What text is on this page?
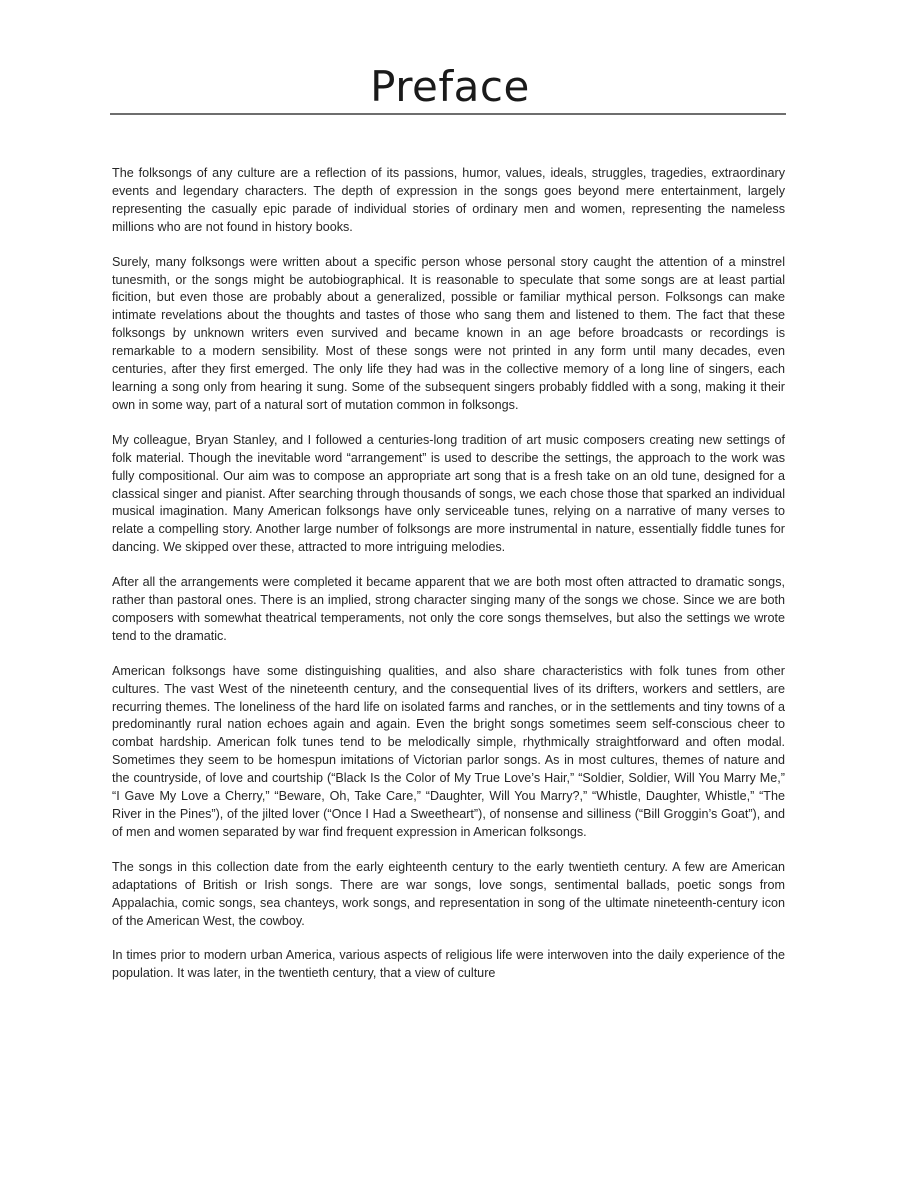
Preface

The folksongs of any culture are a reflection of its passions, humor, values, ideals, struggles, tragedies, extraordinary events and legendary characters. The depth of expression in the songs goes beyond mere entertainment, largely representing the casually epic parade of individual stories of ordinary men and women, representing the nameless millions who are not found in history books.

Surely, many folksongs were written about a specific person whose personal story caught the attention of a minstrel tunesmith, or the songs might be autobiographical. It is reasonable to speculate that some songs are at least partial ficition, but even those are probably about a generalized, possible or familiar mythical person. Folksongs can make intimate revelations about the thoughts and tastes of those who sang them and listened to them. The fact that these folksongs by unknown writers even survived and became known in an age before broadcasts or recordings is remarkable to a modern sensibility. Most of these songs were not printed in any form until many decades, even centuries, after they first emerged. The only life they had was in the collective memory of a long line of singers, each learning a song only from hearing it sung. Some of the subsequent singers probably fiddled with a song, making it their own in some way, part of a natural sort of mutation common in folksongs.

My colleague, Bryan Stanley, and I followed a centuries-long tradition of art music composers creating new settings of folk material. Though the inevitable word “arrangement” is used to describe the settings, the approach to the work was fully compositional. Our aim was to compose an appropriate art song that is a fresh take on an old tune, designed for a classical singer and pianist. After searching through thousands of songs, we each chose those that sparked an individual musical imagination. Many American folksongs have only serviceable tunes, relying on a narrative of many verses to relate a compelling story. Another large number of folksongs are more instrumental in nature, essentially fiddle tunes for dancing. We skipped over these, attracted to more intriguing melodies.

After all the arrangements were completed it became apparent that we are both most often attracted to dramatic songs, rather than pastoral ones. There is an implied, strong character singing many of the songs we chose. Since we are both composers with somewhat theatrical temperaments, not only the core songs themselves, but also the settings we wrote tend to the dramatic.

American folksongs have some distinguishing qualities, and also share characteristics with folk tunes from other cultures. The vast West of the nineteenth century, and the consequential lives of its drifters, workers and settlers, are recurring themes. The loneliness of the hard life on isolated farms and ranches, or in the settlements and tiny towns of a predominantly rural nation echoes again and again. Even the bright songs sometimes seem self-conscious cheer to combat hardship. American folk tunes tend to be melodically simple, rhythmically straightforward and often modal. Sometimes they seem to be homespun imitations of Victorian parlor songs. As in most cultures, themes of nature and the countryside, of love and courtship (“Black Is the Color of My True Love’s Hair,” “Soldier, Soldier, Will You Marry Me,” “I Gave My Love a Cherry,” “Beware, Oh, Take Care,” “Daughter, Will You Marry?,” “Whistle, Daughter, Whistle,” “The River in the Pines”), of the jilted lover (“Once I Had a Sweetheart”), of nonsense and silliness (“Bill Groggin’s Goat”), and of men and women separated by war find frequent expression in American folksongs.

The songs in this collection date from the early eighteenth century to the early twentieth century. A few are American adaptations of British or Irish songs. There are war songs, love songs, sentimental ballads, poetic songs from Appalachia, comic songs, sea chanteys, work songs, and representation in song of the ultimate nineteenth-century icon of the American West, the cowboy.

In times prior to modern urban America, various aspects of religious life were interwoven into the daily experience of the population. It was later, in the twentieth century, that a view of culture
